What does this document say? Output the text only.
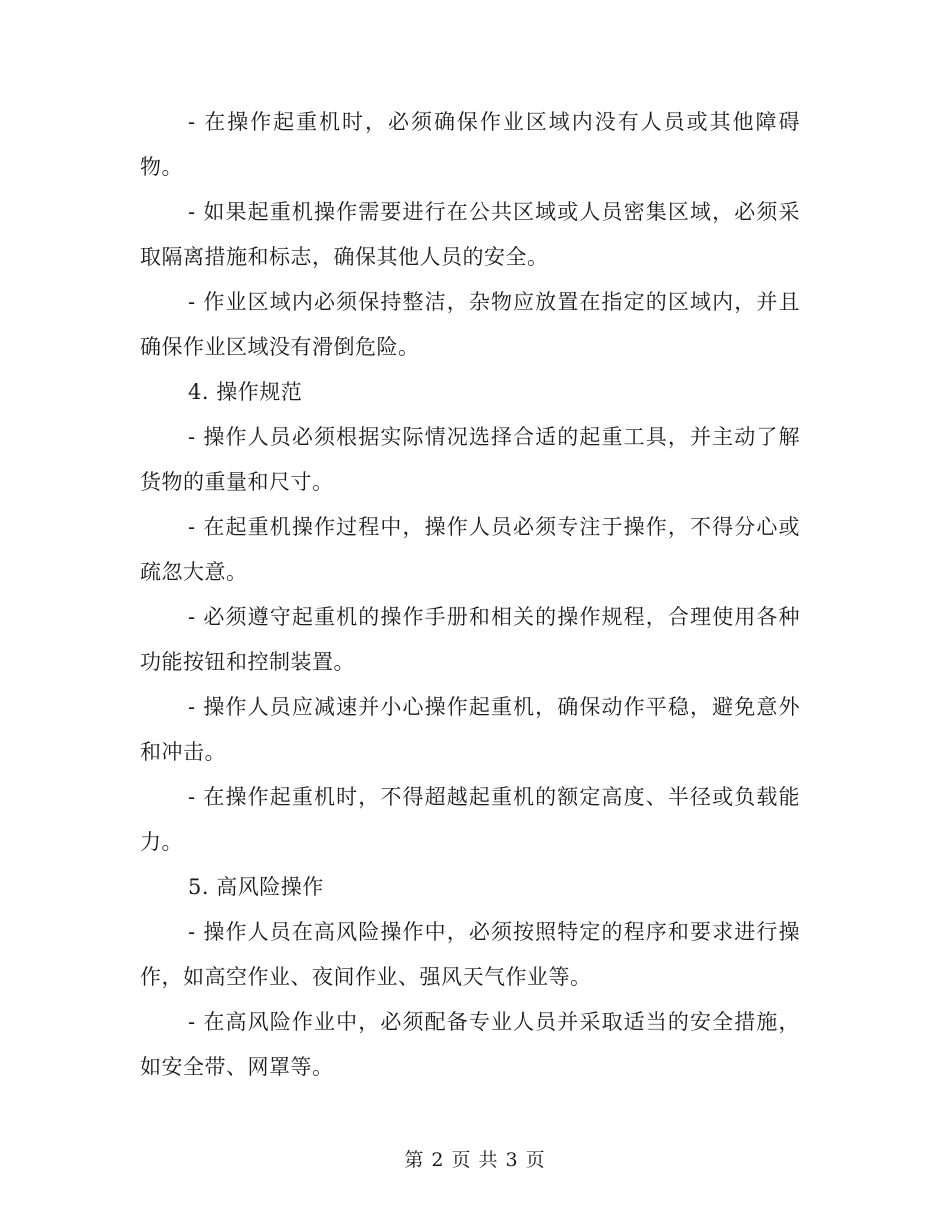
- 在操作起重机时，必须确保作业区域内没有人员或其他障碍物。

- 如果起重机操作需要进行在公共区域或人员密集区域，必须采取隔离措施和标志，确保其他人员的安全。

- 作业区域内必须保持整洁，杂物应放置在指定的区域内，并且确保作业区域没有滑倒危险。

4. 操作规范

- 操作人员必须根据实际情况选择合适的起重工具，并主动了解货物的重量和尺寸。

- 在起重机操作过程中，操作人员必须专注于操作，不得分心或疏忽大意。

- 必须遵守起重机的操作手册和相关的操作规程，合理使用各种功能按钮和控制装置。

- 操作人员应减速并小心操作起重机，确保动作平稳，避免意外和冲击。

- 在操作起重机时，不得超越起重机的额定高度、半径或负载能力。

5. 高风险操作

- 操作人员在高风险操作中，必须按照特定的程序和要求进行操作，如高空作业、夜间作业、强风天气作业等。

- 在高风险作业中，必须配备专业人员并采取适当的安全措施，如安全带、网罩等。

第 2 页 共 3 页
